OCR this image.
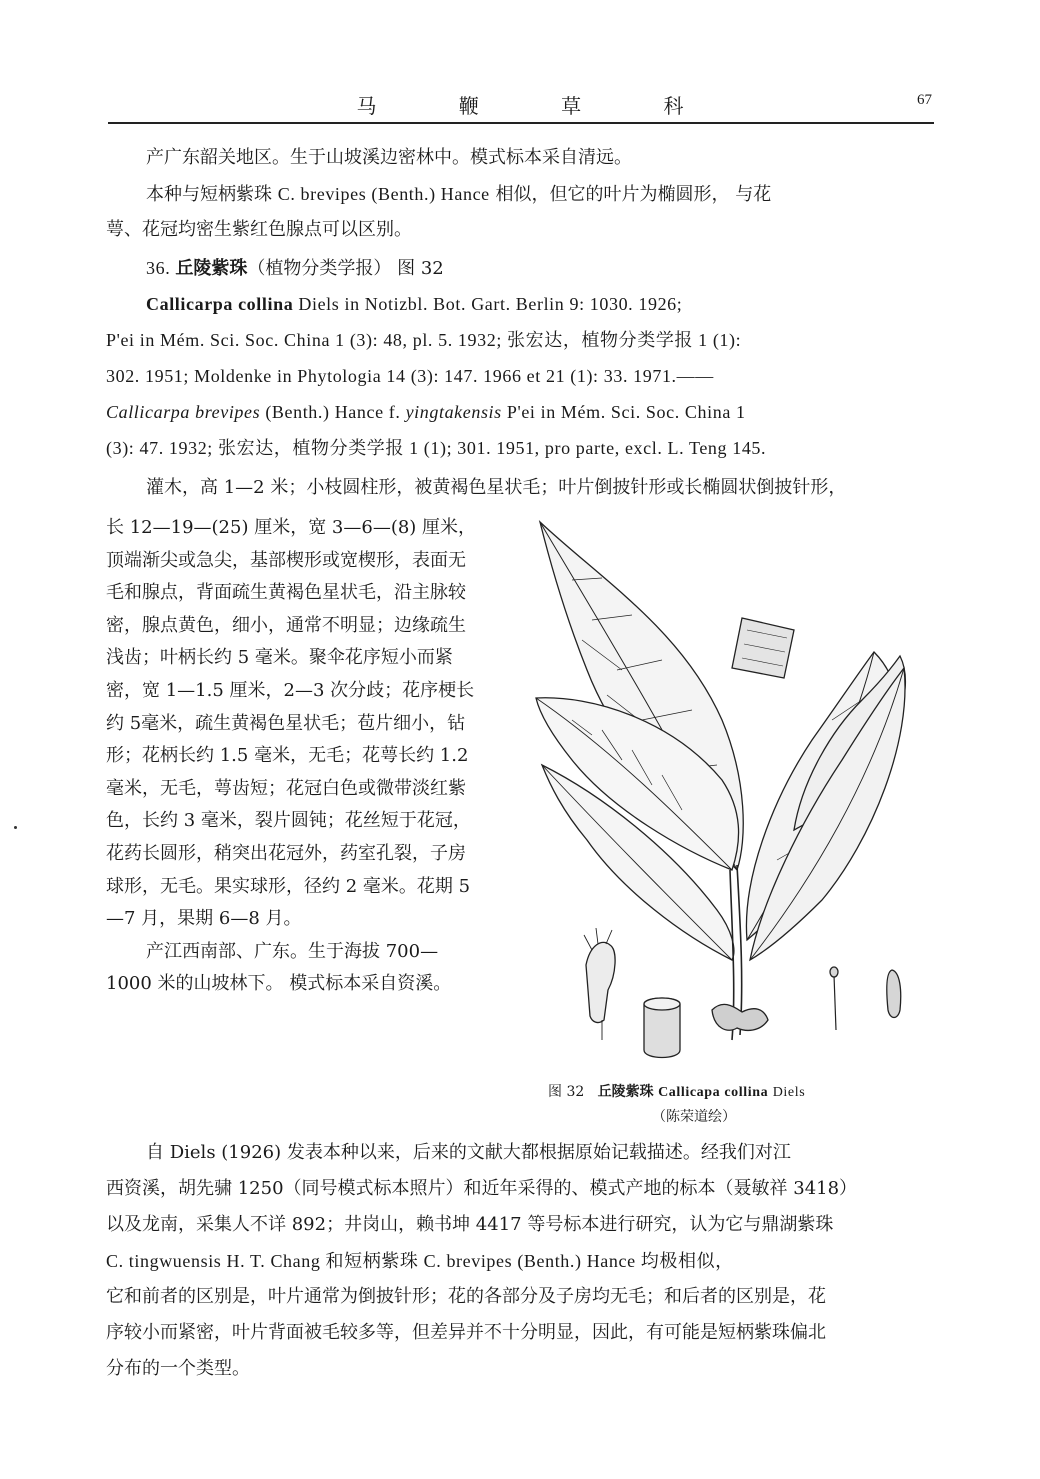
马 鞭 草 科	67
产广东韶关地区。生于山坡溪边密林中。模式标本采自清远。
本种与短柄紫珠 C. brevipes (Benth.) Hance 相似，但它的叶片为椭圆形， 与花
萼、花冠均密生紫红色腺点可以区别。
36. 丘陵紫珠（植物分类学报） 图 32
Callicarpa collina Diels in Notizbl. Bot. Gart. Berlin 9: 1030. 1926;
P'ei in Mém. Sci. Soc. China 1 (3): 48, pl. 5. 1932; 张宏达，植物分类学报 1 (1):
302. 1951; Moldenke in Phytologia 14 (3): 147. 1966 et 21 (1): 33. 1971.——
Callicarpa brevipes (Benth.) Hance f. yingtakensis P'ei in Mém. Sci. Soc. China 1
(3): 47. 1932; 张宏达，植物分类学报 1 (1); 301. 1951, pro parte, excl. L. Teng 145.
灌木，高 1—2 米；小枝圆柱形，被黄褐色星状毛；叶片倒披针形或长椭圆状倒披针形，

长 12—19—(25) 厘米，宽 3—6—(8) 厘米，顶端渐尖或急尖，基部楔形或宽楔形，表面无毛和腺点，背面疏生黄褐色星状毛，沿主脉较密，腺点黄色，细小，通常不明显；边缘疏生浅齿；叶柄长约 5 毫米。聚伞花序短小而紧密，宽 1—1.5 厘米，2—3 次分歧；花序梗长约 5毫米，疏生黄褐色星状毛；苞片细小，钻形；花柄长约 1.5 毫米，无毛；花萼长约 1.2 毫米，无毛，萼齿短；花冠白色或微带淡红紫色，长约 3 毫米，裂片圆钝；花丝短于花冠，花药长圆形，稍突出花冠外，药室孔裂，子房球形，无毛。果实球形，径约 2 毫米。花期 5—7 月，果期 6—8 月。

产江西南部、广东。生于海拔 700—1000 米的山坡林下。 模式标本采自资溪。

图 32 丘陵紫珠 Callicapa collina Diels
（陈荣道绘）
自 Diels (1926) 发表本种以来，后来的文献大都根据原始记载描述。经我们对江
西资溪，胡先骕 1250（同号模式标本照片）和近年采得的、模式产地的标本（聂敏祥 3418）
以及龙南，采集人不详 892；井岗山，赖书坤 4417 等号标本进行研究，认为它与鼎湖紫珠
C. tingwuensis H. T. Chang 和短柄紫珠 C. brevipes (Benth.) Hance 均极相似，
它和前者的区别是，叶片通常为倒披针形；花的各部分及子房均无毛；和后者的区别是，花
序较小而紧密，叶片背面被毛较多等，但差异并不十分明显，因此，有可能是短柄紫珠偏北
分布的一个类型。
